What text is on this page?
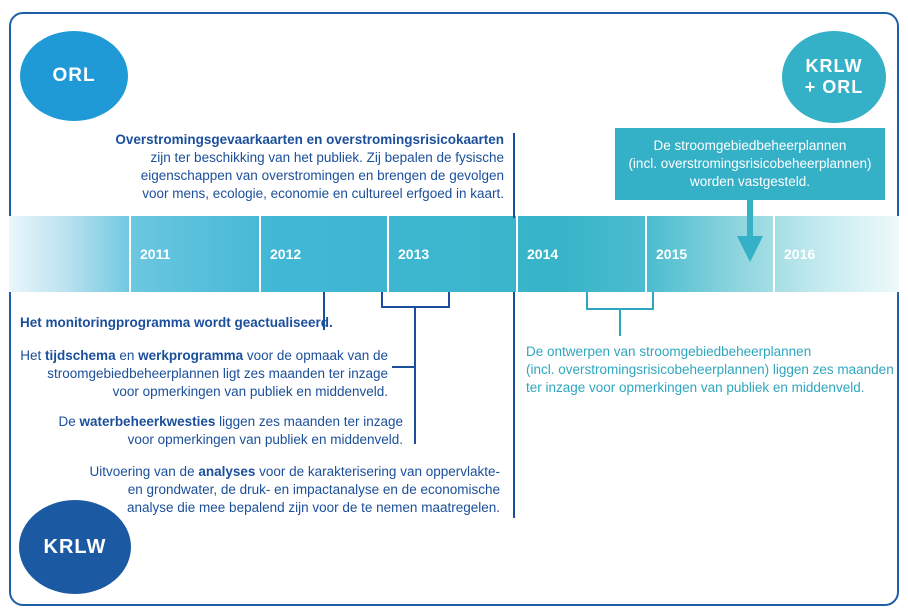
ORL	KRLW
+ ORL
KRLW
2011	2012	2013	2014	2015	2016
Overstromingsgevaarkaarten en overstromingsrisicokaarten
zijn ter beschikking van het publiek. Zij bepalen de fysische
eigenschappen van overstromingen en brengen de gevolgen
voor mens, ecologie, economie en cultureel erfgoed in kaart.
De stroomgebiedbeheerplannen
(incl. overstromingsrisicobeheerplannen)
worden vastgesteld.
Het monitoringprogramma wordt geactualiseerd.
Het tijdschema en werkprogramma voor de opmaak van de
stroomgebiedbeheerplannen ligt zes maanden ter inzage
voor opmerkingen van publiek en middenveld.
De waterbeheerkwesties liggen zes maanden ter inzage
voor opmerkingen van publiek en middenveld.
Uitvoering van de analyses voor de karakterisering van oppervlakte-
en grondwater, de druk- en impactanalyse en de economische
analyse die mee bepalend zijn voor de te nemen maatregelen.
De ontwerpen van stroomgebiedbeheerplannen
(incl. overstromingsrisicobeheerplannen) liggen zes maanden
ter inzage voor opmerkingen van publiek en middenveld.
